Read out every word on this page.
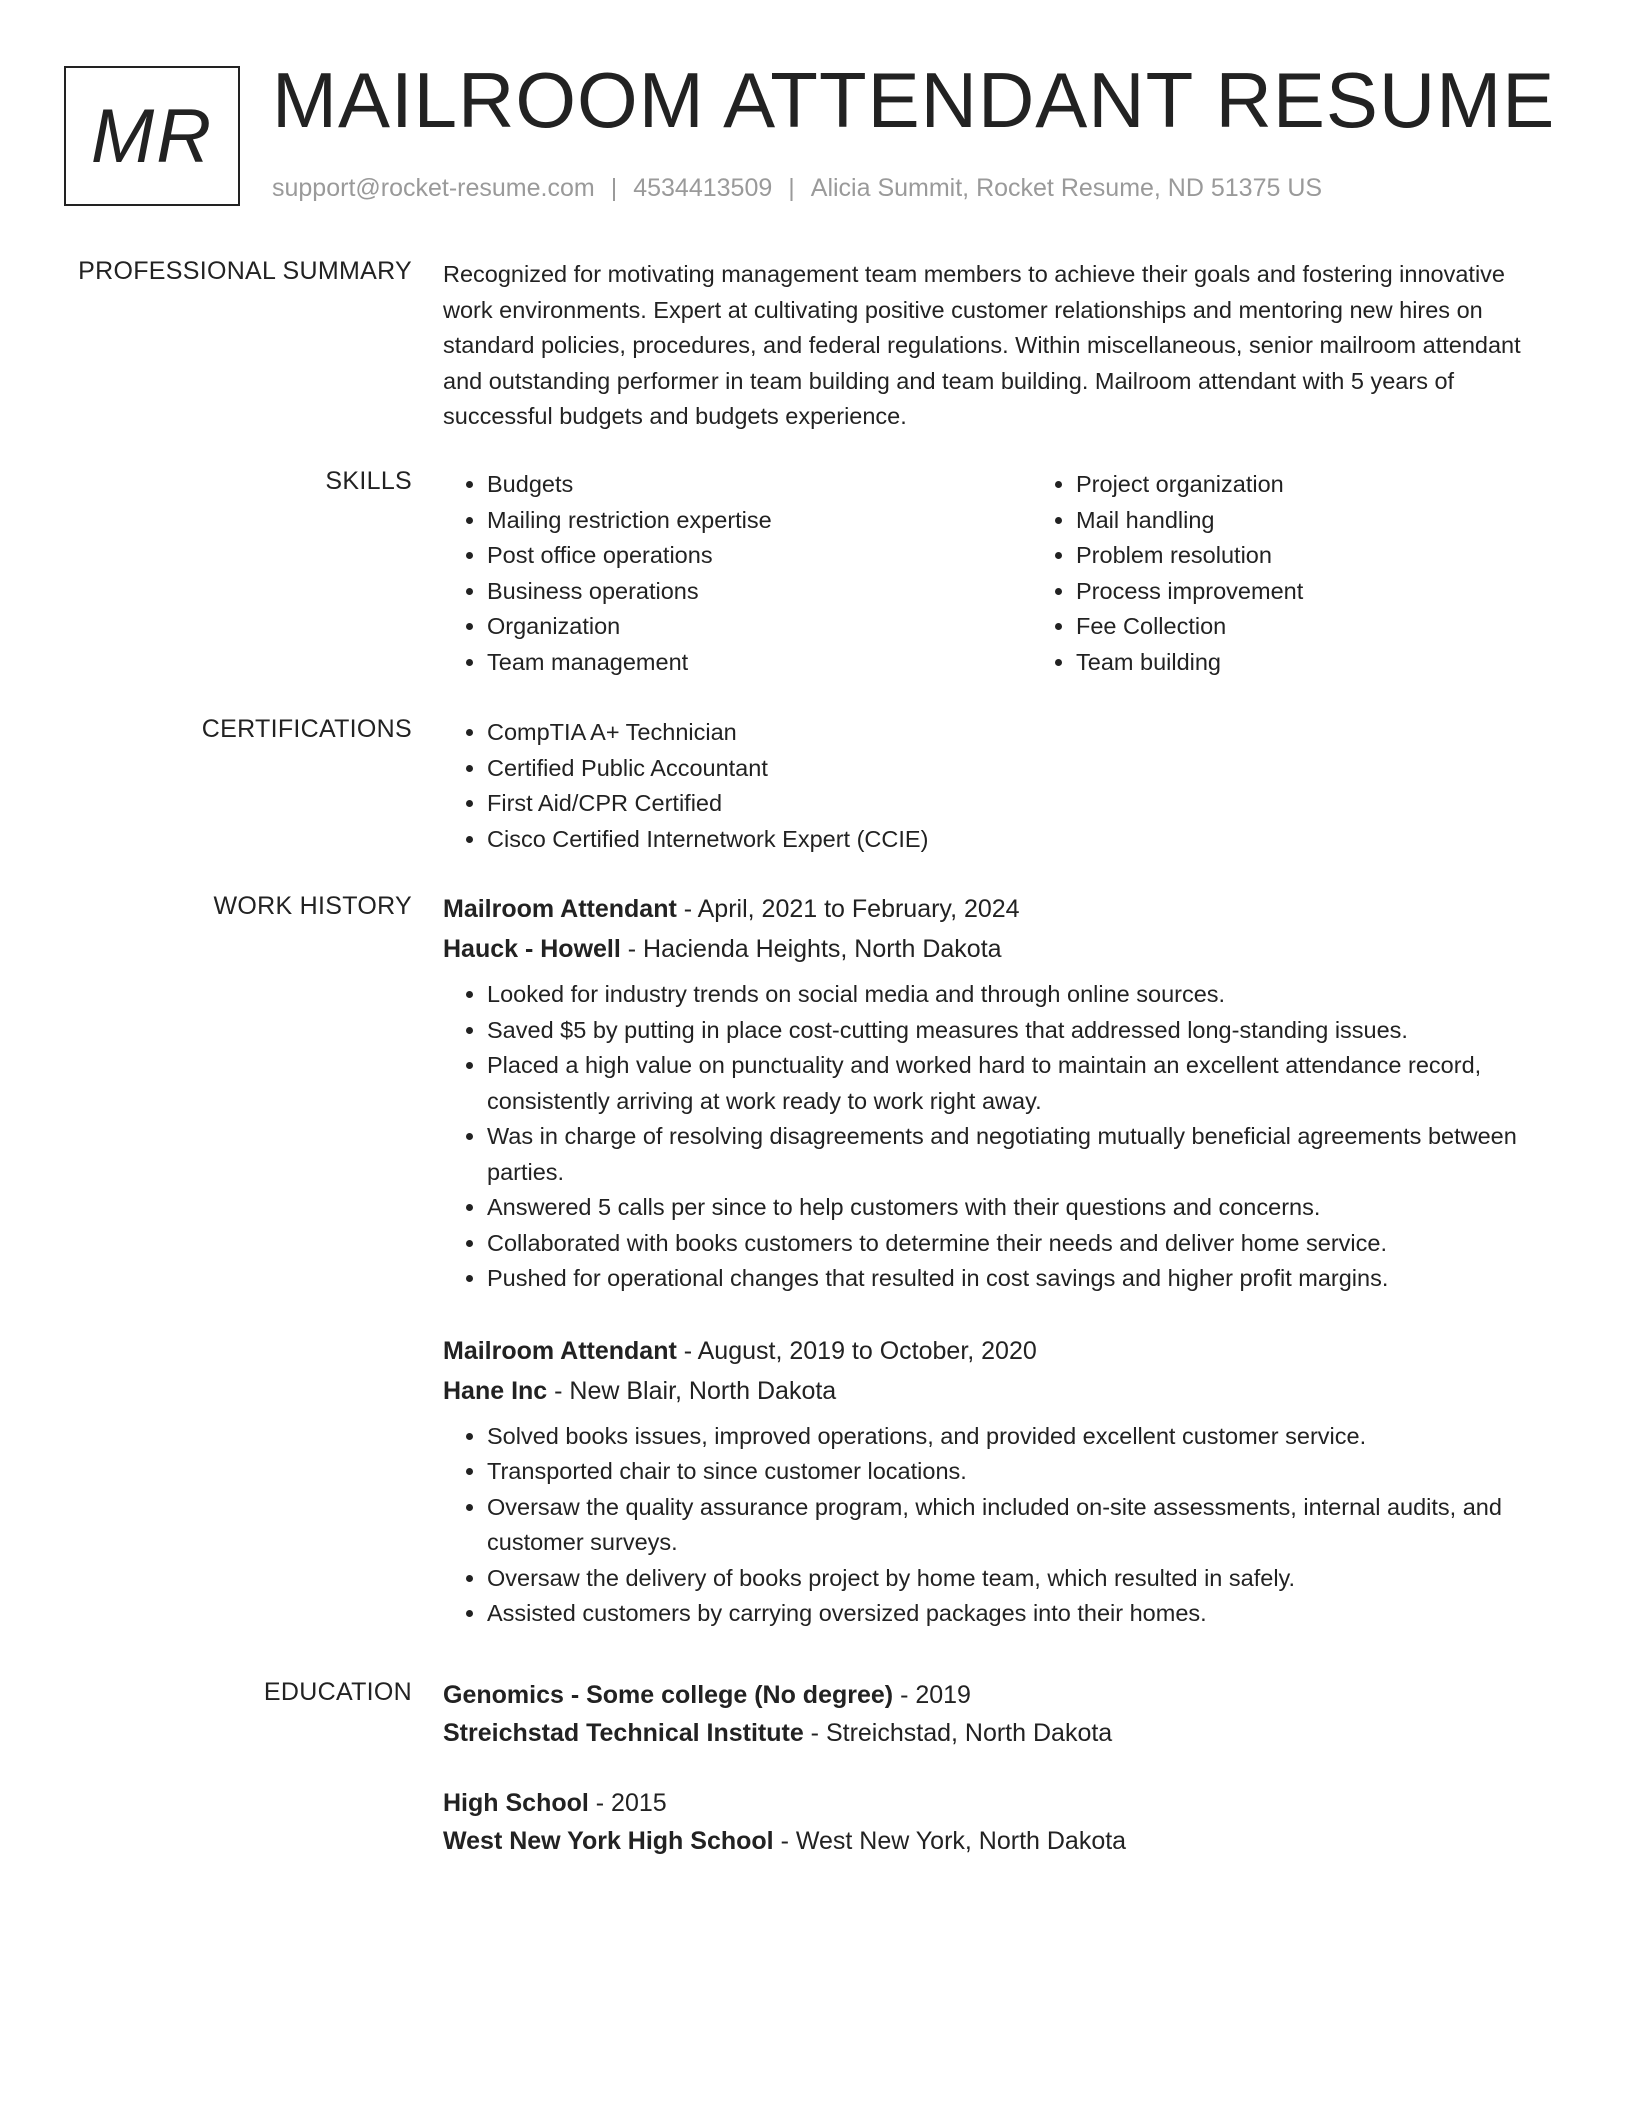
MR MAILROOM ATTENDANT RESUME
support@rocket-resume.com | 4534413509 | Alicia Summit, Rocket Resume, ND 51375 US
PROFESSIONAL SUMMARY Recognized for motivating management team members to achieve their goals and fostering innovative work environments. Expert at cultivating positive customer relationships and mentoring new hires on standard policies, procedures, and federal regulations. Within miscellaneous, senior mailroom attendant and outstanding performer in team building and team building. Mailroom attendant with 5 years of successful budgets and budgets experience.

SKILLS	• Budgets
• Mailing restriction expertise
• Post office operations
• Business operations
• Organization
• Team management
• Project organization
• Mail handling
• Problem resolution
• Process improvement
• Fee Collection
• Team building
CERTIFICATIONS	• CompTIA A+ Technician
• Certified Public Accountant
• First Aid/CPR Certified
• Cisco Certified Internetwork Expert (CCIE)
WORK HISTORY Mailroom Attendant - April, 2021 to February, 2024
Hauck - Howell - Hacienda Heights, North Dakota
• Looked for industry trends on social media and through online sources.
• Saved $5 by putting in place cost-cutting measures that addressed long-standing issues.
• Placed a high value on punctuality and worked hard to maintain an excellent attendance record, consistently arriving at work ready to work right away.
• Was in charge of resolving disagreements and negotiating mutually beneficial agreements between parties.
• Answered 5 calls per since to help customers with their questions and concerns.
• Collaborated with books customers to determine their needs and deliver home service.
• Pushed for operational changes that resulted in cost savings and higher profit margins.
Mailroom Attendant - August, 2019 to October, 2020
Hane Inc - New Blair, North Dakota
• Solved books issues, improved operations, and provided excellent customer service.
• Transported chair to since customer locations.
• Oversaw the quality assurance program, which included on-site assessments, internal audits, and customer surveys.
• Oversaw the delivery of books project by home team, which resulted in safely.
• Assisted customers by carrying oversized packages into their homes.
EDUCATION Genomics - Some college (No degree) - 2019
Streichstad Technical Institute - Streichstad, North Dakota
High School - 2015
West New York High School - West New York, North Dakota
